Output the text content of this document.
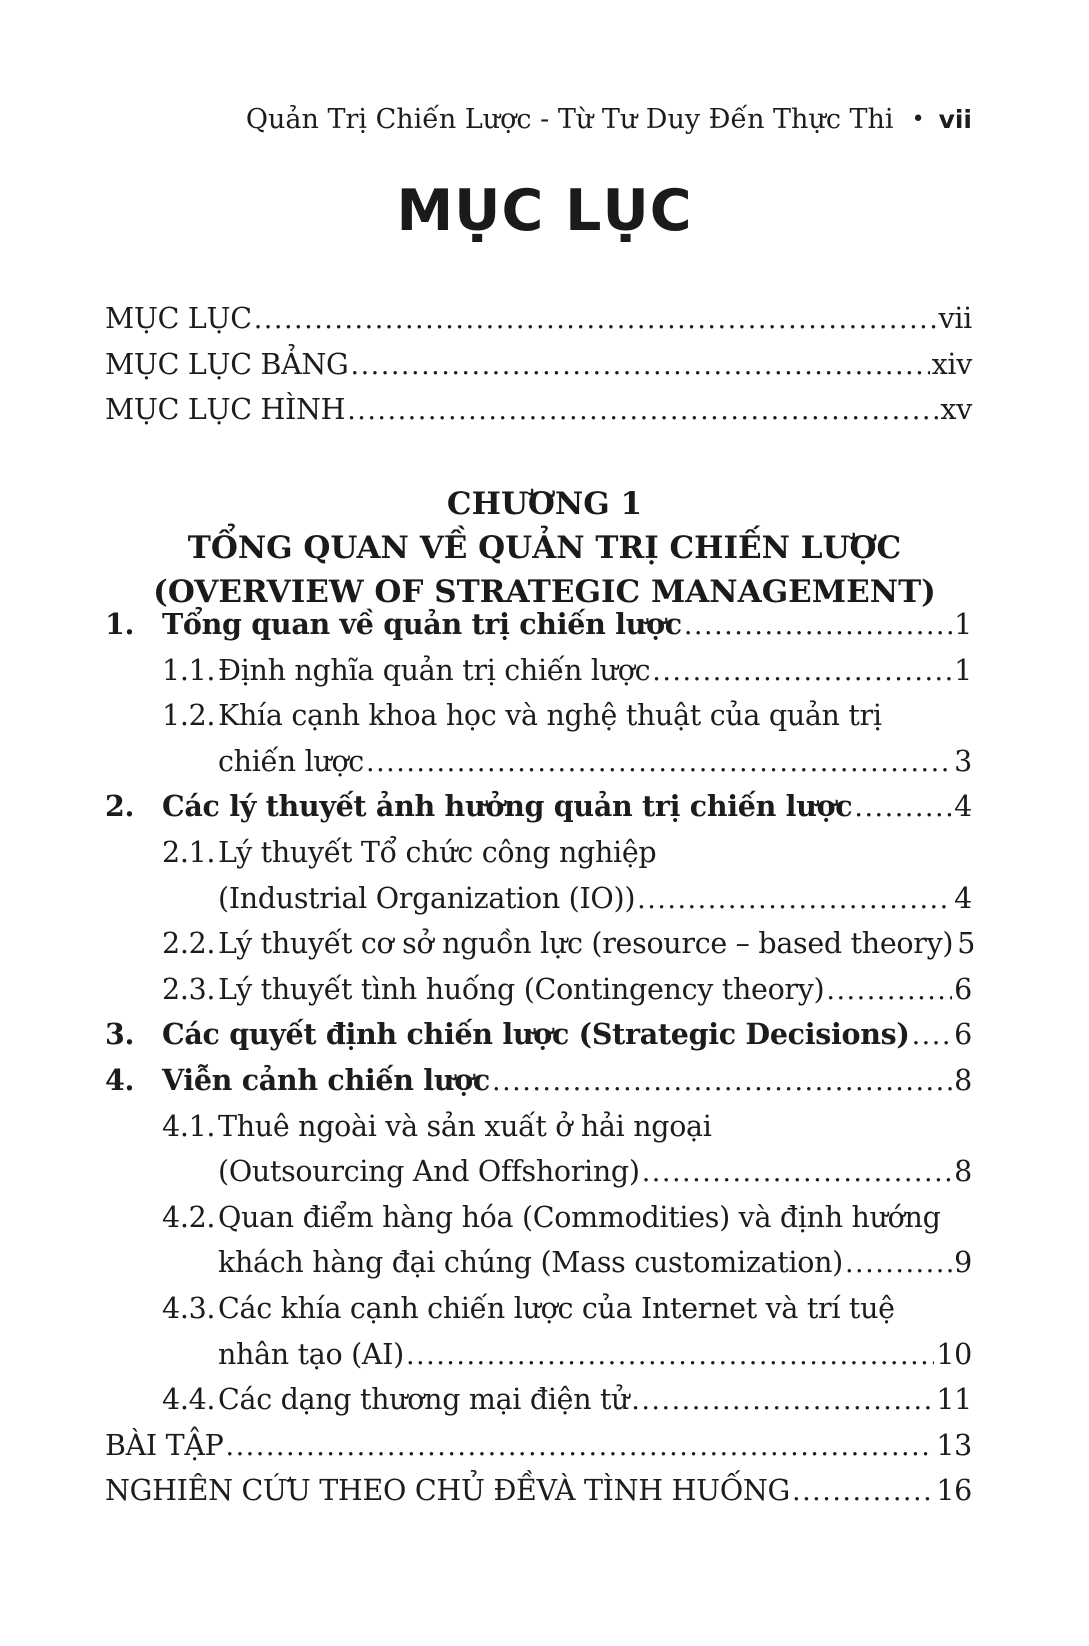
Quản Trị Chiến Lược - Từ Tư Duy Đến Thực Thi • vii
MỤC LỤC
MỤC LỤC .....	vii
MỤC LỤC BẢNG .....	xiv
MỤC LỤC HÌNH .....	xv
CHƯƠNG 1
TỔNG QUAN VỀ QUẢN TRỊ CHIẾN LƯỢC
(OVERVIEW OF STRATEGIC MANAGEMENT)
1. Tổng quan về quản trị chiến lược .....	1
1.1. Định nghĩa quản trị chiến lược .....	1
1.2. Khía cạnh khoa học và nghệ thuật của quản trị
chiến lược .....	3
2. Các lý thuyết ảnh hưởng quản trị chiến lược .....	4
2.1. Lý thuyết Tổ chức công nghiệp
(Industrial Organization (IO)) .....	4
2.2. Lý thuyết cơ sở nguồn lực (resource – based theory) ..... 5
2.3. Lý thuyết tình huống (Contingency theory) .....	6
3. Các quyết định chiến lược (Strategic Decisions) ..... 6
4. Viễn cảnh chiến lược .....	8
4.1. Thuê ngoài và sản xuất ở hải ngoại
(Outsourcing And Offshoring) .....	8
4.2. Quan điểm hàng hóa (Commodities) và định hướng
khách hàng đại chúng (Mass customization) .....	9
4.3. Các khía cạnh chiến lược của Internet và trí tuệ
nhân tạo (AI) .....	10
4.4. Các dạng thương mại điện tử .....	11
BÀI TẬP .....	13
NGHIÊN CỨU THEO CHỦ ĐỀVÀ TÌNH HUỐNG .....	16
